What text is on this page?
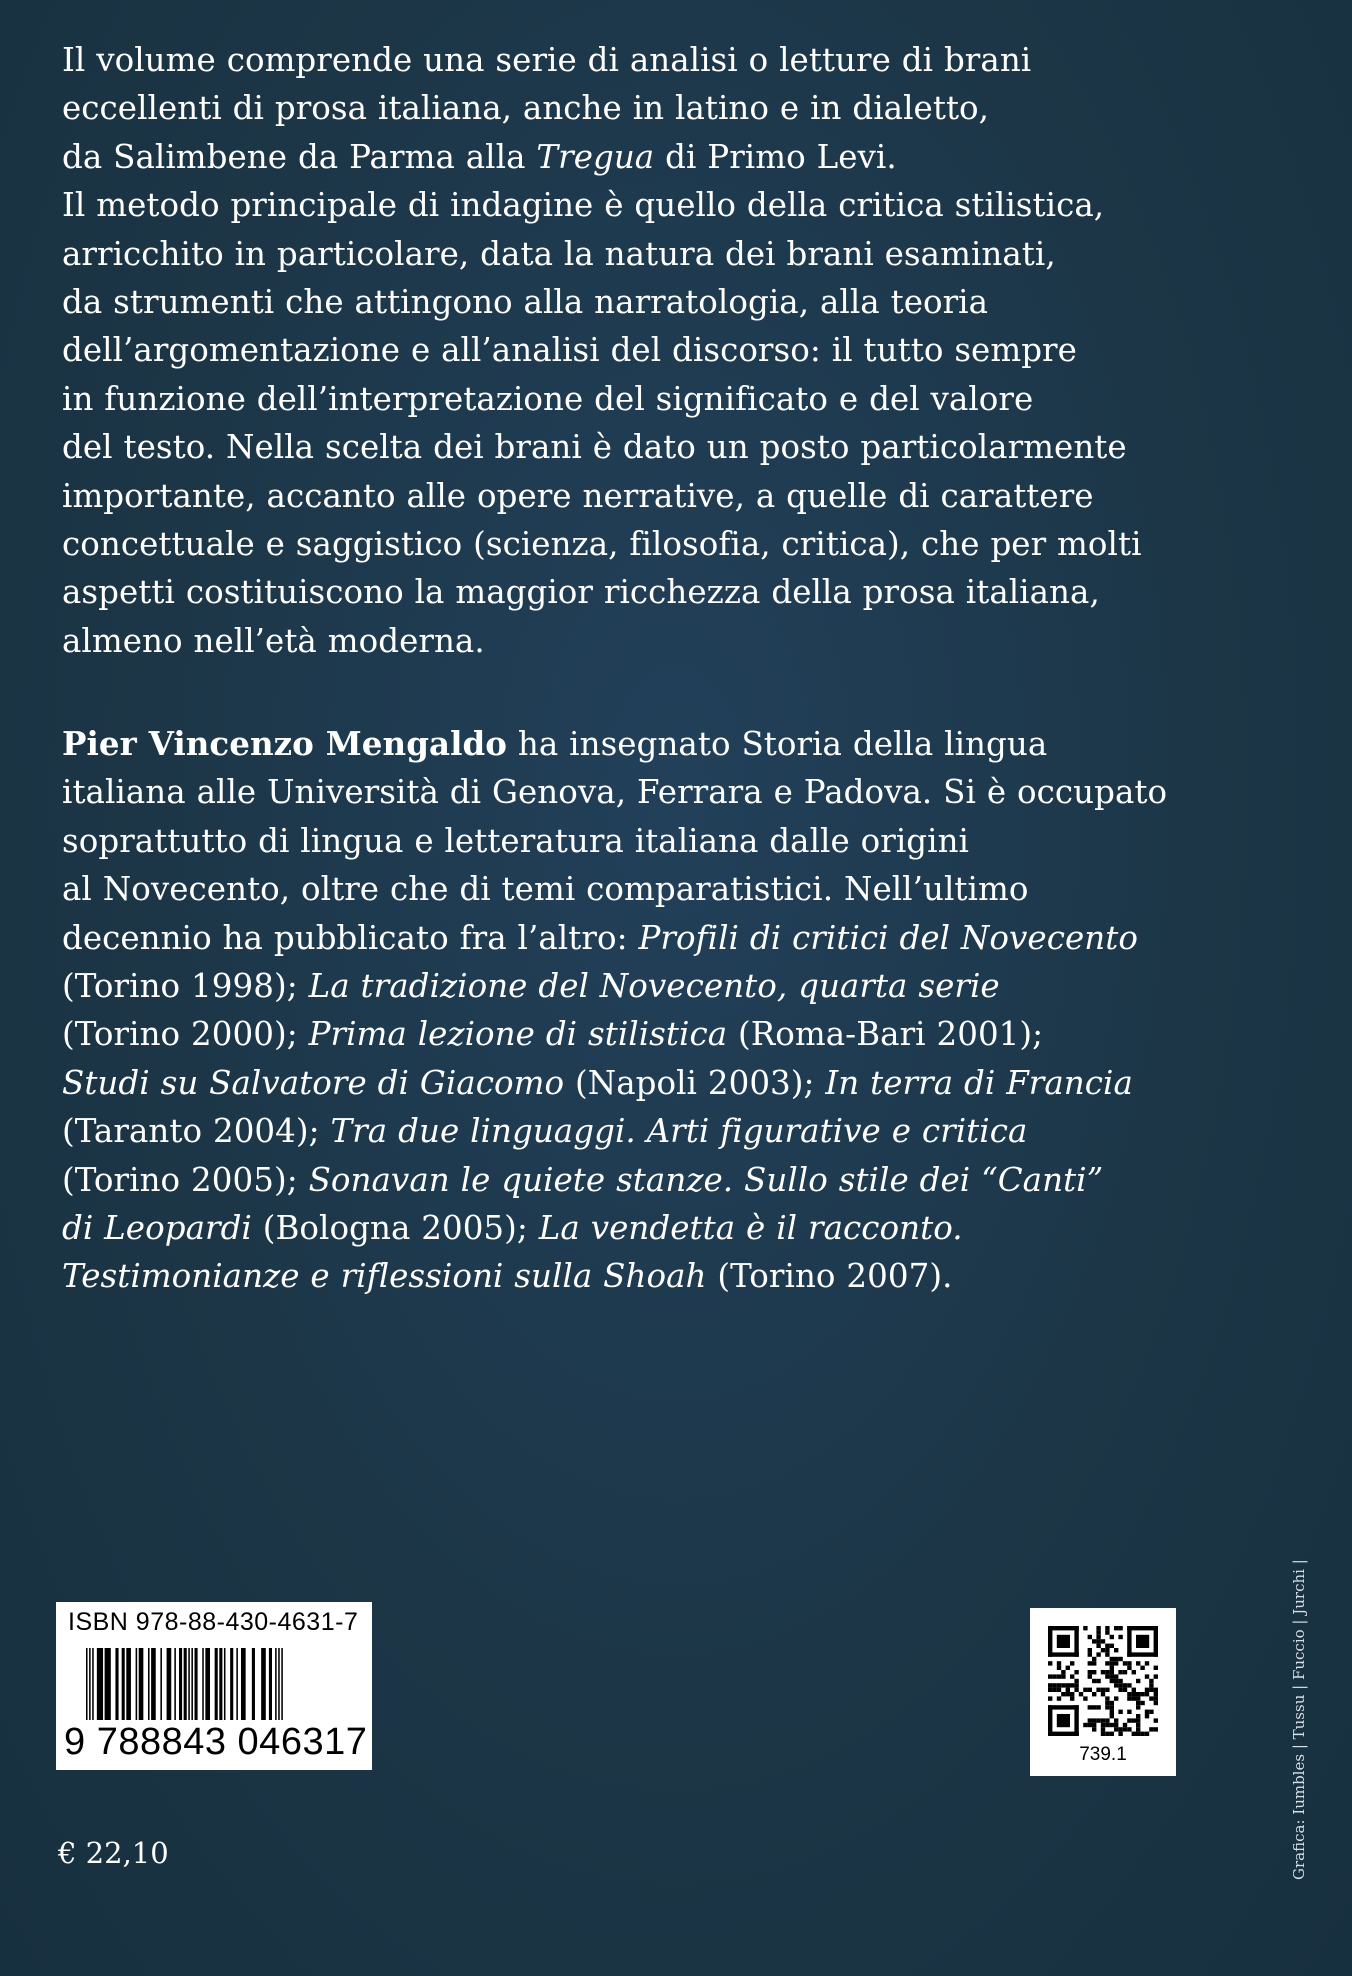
Il volume comprende una serie di analisi o letture di brani
eccellenti di prosa italiana, anche in latino e in dialetto,
da Salimbene da Parma alla Tregua di Primo Levi.
Il metodo principale di indagine è quello della critica stilistica,
arricchito in particolare, data la natura dei brani esaminati,
da strumenti che attingono alla narratologia, alla teoria
dell’argomentazione e all’analisi del discorso: il tutto sempre
in funzione dell’interpretazione del significato e del valore
del testo. Nella scelta dei brani è dato un posto particolarmente
importante, accanto alle opere nerrative, a quelle di carattere
concettuale e saggistico (scienza, filosofia, critica), che per molti
aspetti costituiscono la maggior ricchezza della prosa italiana,
almeno nell’età moderna.
Pier Vincenzo Mengaldo ha insegnato Storia della lingua
italiana alle Università di Genova, Ferrara e Padova. Si è occupato
soprattutto di lingua e letteratura italiana dalle origini
al Novecento, oltre che di temi comparatistici. Nell’ultimo
decennio ha pubblicato fra l’altro: Profili di critici del Novecento
(Torino 1998); La tradizione del Novecento, quarta serie
(Torino 2000); Prima lezione di stilistica (Roma-Bari 2001);
Studi su Salvatore di Giacomo (Napoli 2003); In terra di Francia
(Taranto 2004); Tra due linguaggi. Arti figurative e critica
(Torino 2005); Sonavan le quiete stanze. Sullo stile dei “Canti”
di Leopardi (Bologna 2005); La vendetta è il racconto.
Testimonianze e riflessioni sulla Shoah (Torino 2007).
ISBN 978-88-430-4631-7
9 788843 046317	739.1
€ 22,10	Grafica: Iumbles | Tussu | Fuccio | Jurchi |
